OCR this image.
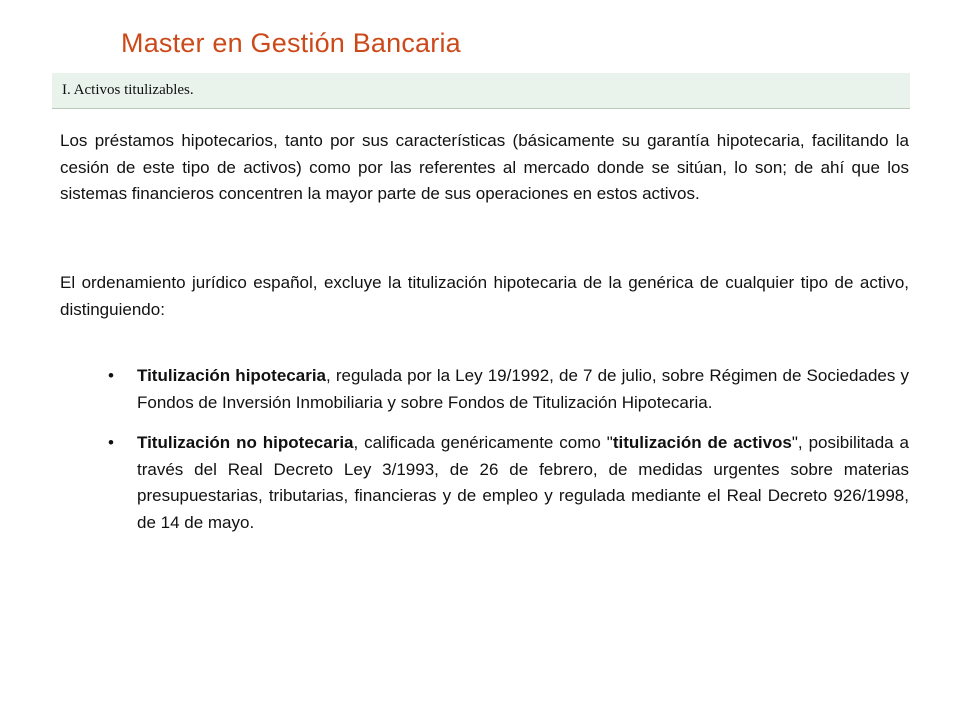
Master en Gestión Bancaria
I. Activos titulizables.

Los préstamos hipotecarios, tanto por sus características (básicamente su garantía hipotecaria, facilitando la cesión de este tipo de activos) como por las referentes al mercado donde se sitúan, lo son; de ahí que los sistemas financieros concentren la mayor parte de sus operaciones en estos activos.

El ordenamiento jurídico español, excluye la titulización hipotecaria de la genérica de cualquier tipo de activo, distinguiendo:

• Titulización hipotecaria, regulada por la Ley 19/1992, de 7 de julio, sobre Régimen de Sociedades y Fondos de Inversión Inmobiliaria y sobre Fondos de Titulización Hipotecaria.
• Titulización no hipotecaria, calificada genéricamente como "titulización de activos", posibilitada a través del Real Decreto Ley 3/1993, de 26 de febrero, de medidas urgentes sobre materias presupuestarias, tributarias, financieras y de empleo y regulada mediante el Real Decreto 926/1998, de 14 de mayo.
